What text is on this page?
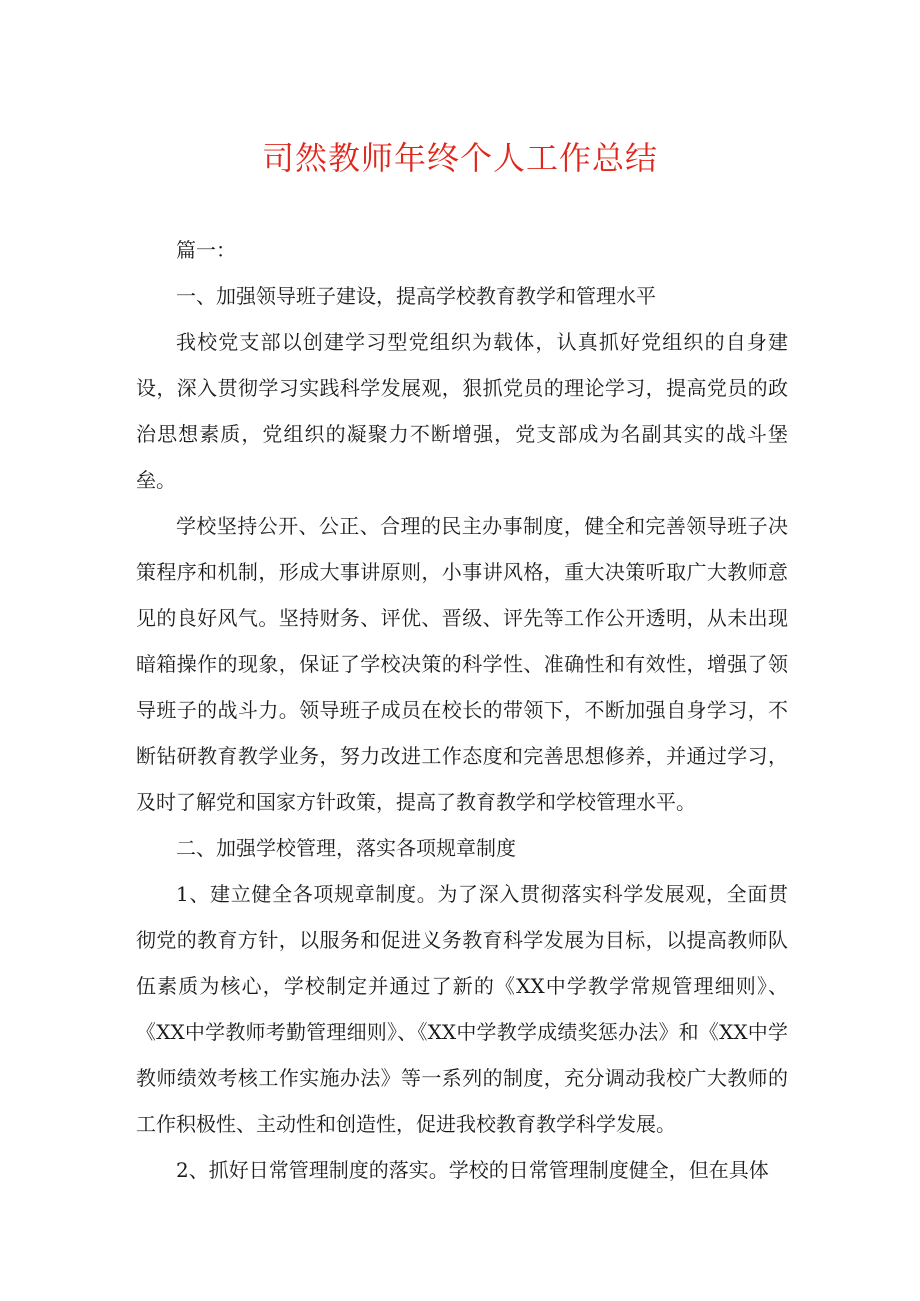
司然教师年终个人工作总结

篇一：

一、加强领导班子建设，提高学校教育教学和管理水平

我校党支部以创建学习型党组织为载体，认真抓好党组织的自身建设，深入贯彻学习实践科学发展观，狠抓党员的理论学习，提高党员的政治思想素质，党组织的凝聚力不断增强，党支部成为名副其实的战斗堡垒。

学校坚持公开、公正、合理的民主办事制度，健全和完善领导班子决策程序和机制，形成大事讲原则，小事讲风格，重大决策听取广大教师意见的良好风气。坚持财务、评优、晋级、评先等工作公开透明，从未出现暗箱操作的现象，保证了学校决策的科学性、准确性和有效性，增强了领导班子的战斗力。领导班子成员在校长的带领下，不断加强自身学习，不断钻研教育教学业务，努力改进工作态度和完善思想修养，并通过学习，及时了解党和国家方针政策，提高了教育教学和学校管理水平。

二、加强学校管理，落实各项规章制度

1、建立健全各项规章制度。为了深入贯彻落实科学发展观，全面贯彻党的教育方针，以服务和促进义务教育科学发展为目标，以提高教师队伍素质为核心，学校制定并通过了新的《XX中学教学常规管理细则》、《XX中学教师考勤管理细则》、《XX中学教学成绩奖惩办法》和《XX中学教师绩效考核工作实施办法》等一系列的制度，充分调动我校广大教师的工作积极性、主动性和创造性，促进我校教育教学科学发展。

2、抓好日常管理制度的落实。学校的日常管理制度健全，但在具体
